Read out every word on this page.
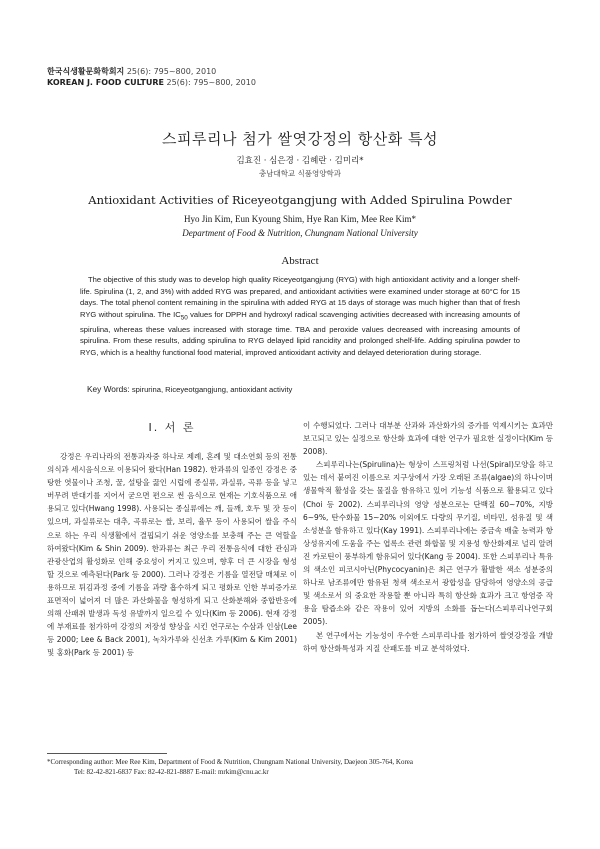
한국식생활문화학회지 25(6): 795~800, 2010
KOREAN J. FOOD CULTURE 25(6): 795~800, 2010
스피루리나 첨가 쌀엿강정의 항산화 특성
김효진 · 심은경 · 김혜란 · 김미리*
충남대학교 식품영양학과
Antioxidant Activities of Riceyeotgangjung with Added Spirulina Powder
Hyo Jin Kim, Eun Kyoung Shim, Hye Ran Kim, Mee Ree Kim*
Department of Food & Nutrition, Chungnam National University
Abstract
The objective of this study was to develop high quality Riceyeotgangjung (RYG) with high antioxidant activity and a longer shelf-life. Spirulina (1, 2, and 3%) with added RYG was prepared, and antioxidant activities were examined under storage at 60°C for 15 days. The total phenol content remaining in the spirulina with added RYG at 15 days of storage was much higher than that of fresh RYG without spirulina. The $IC_{50}$ values for DPPH and hydroxyl radical scavenging activities decreased with increasing amounts of spirulina, whereas these values increased with storage time. TBA and peroxide values decreased with increasing amounts of spirulina. From these results, adding spirulina to RYG delayed lipid rancidity and prolonged shelf-life. Adding spirulina powder to RYG, which is a healthy functional food material, improved antioxidant activity and delayed deterioration during storage.
Key Words: spirurina, Riceyeotgangjung, antioxidant activity
I. 서 론

강정은 우리나라의 전통과자중 하나로 제례, 혼례 및 대소연회 등의 전통의식과 세시음식으로 이용되어 왔다(Han 1982). 한과류의 일종인 강정은 중탕한 엿물이나 조청, 꿀, 설탕을 끓인 시럽에 종실류, 과실류, 곡류 등을 넣고 버무려 반대기를 지어서 굳으면 편으로 썬 음식으로 현재는 기호식품으로 애용되고 있다(Hwang 1998). 사용되는 종실류에는 깨, 들깨, 호두 및 잣 등이 있으며, 과실류로는 대추, 곡류로는 쌀, 보리, 율무 등이 사용되어 쌀을 주식으로 하는 우리 식생활에서 결핍되기 쉬운 영양소를 보충해 주는 큰 역할을 하여왔다(Kim & Shin 2009). 한과류는 최근 우리 전통음식에 대한 관심과 관광산업의 활성화로 인해 중요성이 커지고 있으며, 향후 더 큰 시장을 형성 할 것으로 예측된다(Park 등 2000). 그러나 강정은 기름을 열전달 매체로 이용하므로 튀김과정 중에 기름을 과량 흡수하게 되고 평화로 인한 부피증가로 표면적이 넓어져 더 많은 과산화물을 형성하게 되고 산화분해와 중합반응에 의해 산패취 발생과 독성 유발까지 일으킬 수 있다(Kim 등 2006). 현재 강정에 부재료를 첨가하여 강정의 저장성 향상을 시킨 연구로는 수삼과 인삼(Lee 등 2000; Lee & Back 2001), 녹차가루와 신선초 가루(Kim & Kim 2001) 및 홍화(Park 등 2001) 등

이 수행되었다. 그러나 대부분 산과와 과산화가의 증가를 억제시키는 효과만 보고되고 있는 실정으로 항산화 효과에 대한 연구가 필요한 실정이다(Kim 등 2008).

스피루리나는(Spirulina)는 형상이 스프링처럼 나선(Spiral)모양을 하고 있는 데서 붙여진 이름으로 지구상에서 가장 오래된 조류(algae)의 하나이며 생물학적 활성을 갖는 물질을 함유하고 있어 기능성 식품으로 활용되고 있다(Choi 등 2002). 스피루리나의 영양 성분으로는 단백질 60~70%, 지방 6~9%, 탄수화물 15~20% 이외에도 다량의 무기질, 비타민, 섬유질 및 색소성분을 함유하고 있다(Kay 1991). 스피루리나에는 중금속 배출 능력과 항상성유지에 도움을 주는 엽록소 관련 화합물 및 지용성 항산화제로 널리 알려진 카로틴이 풍부하게 함유되어 있다(Kang 등 2004). 또한 스피루리나 특유의 색소인 피코시아닌(Phycocyanin)은 최근 연구가 활발한 색소 성분중의 하나로 남조류에만 함유된 청색 색소로서 광합성을 담당하여 영양소의 공급 및 색소로서 의 중요한 작용할 뿐 아니라 특히 항산화 효과가 크고 항염증 작용을 탐즙소와 같은 작용이 있어 지방의 소화를 돕는다(스피루리나연구회 2005).

본 연구에서는 기능성이 우수한 스피루리나를 첨가하여 쌀엿강정을 개발하여 항산화특성과 지질 산패도를 비교 분석하였다.

*Corresponding author: Mee Ree Kim, Department of Food & Nutrition, Chungnam National University, Daejeon 305-764, Korea
Tel: 82-42-821-6837 Fax: 82-42-821-8887 E-mail: mrkim@cnu.ac.kr
